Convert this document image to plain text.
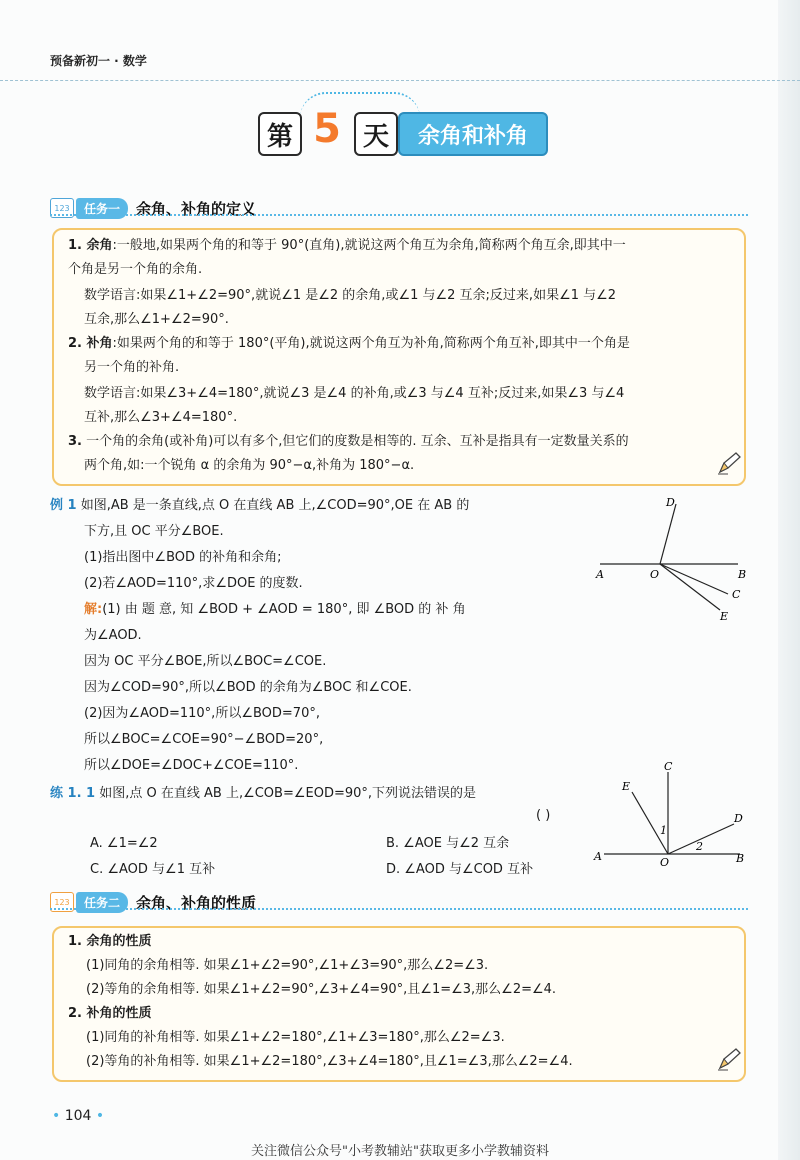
预备新初一 · 数学
第 5 天	余角和补角
123	任务一	余角、补角的定义
1. 余角:一般地,如果两个角的和等于 90°(直角),就说这两个角互为余角,简称两个角互余,即其中一
个角是另一个角的余角.
数学语言:如果∠1+∠2=90°,就说∠1 是∠2 的余角,或∠1 与∠2 互余;反过来,如果∠1 与∠2
互余,那么∠1+∠2=90°.
2. 补角:如果两个角的和等于 180°(平角),就说这两个角互为补角,简称两个角互补,即其中一个角是
另一个角的补角.
数学语言:如果∠3+∠4=180°,就说∠3 是∠4 的补角,或∠3 与∠4 互补;反过来,如果∠3 与∠4
互补,那么∠3+∠4=180°.
3. 一个角的余角(或补角)可以有多个,但它们的度数是相等的. 互余、互补是指具有一定数量关系的
两个角,如:一个锐角 α 的余角为 90°−α,补角为 180°−α.
例 1 如图,AB 是一条直线,点 O 在直线 AB 上,∠COD=90°,OE 在 AB 的
下方,且 OC 平分∠BOE.
(1)指出图中∠BOD 的补角和余角;
(2)若∠AOD=110°,求∠DOE 的度数.
解:(1) 由 题 意, 知 ∠BOD + ∠AOD = 180°, 即 ∠BOD 的 补 角
为∠AOD.
因为 OC 平分∠BOE,所以∠BOC=∠COE.
因为∠COD=90°,所以∠BOD 的余角为∠BOC 和∠COE.
(2)因为∠AOD=110°,所以∠BOD=70°,
所以∠BOC=∠COE=90°−∠BOD=20°,
所以∠DOE=∠DOC+∠COE=110°.
D
A	O	B
C
E
练 1. 1 如图,点 O 在直线 AB 上,∠COB=∠EOD=90°,下列说法错误的是
( )
A. ∠1=∠2	B. ∠AOE 与∠2 互余
C. ∠AOD 与∠1 互补	D. ∠AOD 与∠COD 互补
C
E
D
A	O	B
1
2
123	任务二	余角、补角的性质
1. 余角的性质
(1)同角的余角相等. 如果∠1+∠2=90°,∠1+∠3=90°,那么∠2=∠3.
(2)等角的余角相等. 如果∠1+∠2=90°,∠3+∠4=90°,且∠1=∠3,那么∠2=∠4.
2. 补角的性质
(1)同角的补角相等. 如果∠1+∠2=180°,∠1+∠3=180°,那么∠2=∠3.
(2)等角的补角相等. 如果∠1+∠2=180°,∠3+∠4=180°,且∠1=∠3,那么∠2=∠4.
• 104 •
关注微信公众号"小考教辅站"获取更多小学教辅资料
